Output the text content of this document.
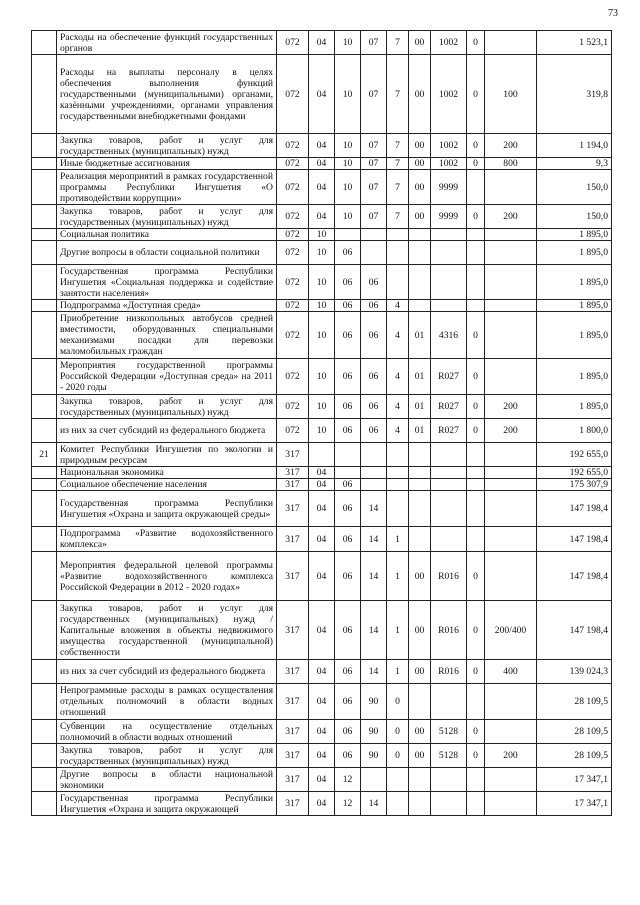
73
	Расходы на обеспечение функций государственных органов	072	04	10	07	7	00	1002	0		1 523,1
	Расходы на выплаты персоналу в целях обеспечения выполнения функций государственными (муниципальными) органами, казёнными учреждениями, органами управления государственными внебюджетными фондами	072	04	10	07	7	00	1002	0	100	319,8
	Закупка товаров, работ и услуг для государственных (муниципальных) нужд	072	04	10	07	7	00	1002	0	200	1 194,0
	Иные бюджетные ассигнования	072	04	10	07	7	00	1002	0	800	9,3
	Реализация мероприятий в рамках государственной программы Республики Ингушетия «О противодействии коррупции»	072	04	10	07	7	00	9999			150,0
	Закупка товаров, работ и услуг для государственных (муниципальных) нужд	072	04	10	07	7	00	9999	0	200	150,0
	Социальная политика	072	10								1 895,0
	Другие вопросы в области социальной политики	072	10	06							1 895,0
	Государственная программа Республики Ингушетия «Социальная поддержка и содействие занятости населения»	072	10	06	06						1 895,0
	Подпрограмма «Доступная среда»	072	10	06	06	4					1 895,0
	Приобретение низкопольных автобусов средней вместимости, оборудованных специальными механизмами посадки для перевозки маломобильных граждан	072	10	06	06	4	01	4316	0		1 895,0
	Мероприятия государственной программы Российской Федерации «Доступная среда» на 2011 - 2020 годы	072	10	06	06	4	01	R027	0		1 895,0
	Закупка товаров, работ и услуг для государственных (муниципальных) нужд	072	10	06	06	4	01	R027	0	200	1 895,0
	из них за счет субсидий из федерального бюджета	072	10	06	06	4	01	R027	0	200	1 800,0
21	Комитет Республики Ингушетия по экологии и природным ресурсам	317									192 655,0
	Национальная экономика	317	04								192 655,0
	Социальное обеспечение населения	317	04	06							175 307,9
	Государственная программа Республики Ингушетия «Охрана и защита окружающей среды»	317	04	06	14						147 198,4
	Подпрограмма «Развитие водохозяйственного комплекса»	317	04	06	14	1					147 198,4
	Мероприятия федеральной целевой программы «Развитие водохозяйственного комплекса Российской Федерации в 2012 - 2020 годах»	317	04	06	14	1	00	R016	0		147 198,4
	Закупка товаров, работ и услуг для государственных (муниципальных) нужд / Капитальные вложения в объекты недвижимого имущества государственной (муниципальной) собственности	317	04	06	14	1	00	R016	0	200/400	147 198,4
	из них за счет субсидий из федерального бюджета	317	04	06	14	1	00	R016	0	400	139 024,3
	Непрограммные расходы в рамках осуществления отдельных полномочий в области водных отношений	317	04	06	90	0					28 109,5
	Субвенции на осуществление отдельных полномочий в области водных отношений	317	04	06	90	0	00	5128	0		28 109,5
	Закупка товаров, работ и услуг для государственных (муниципальных) нужд	317	04	06	90	0	00	5128	0	200	28 109,5
	Другие вопросы в области национальной экономики	317	04	12							17 347,1
	Государственная программа Республики Ингушетия «Охрана и защита окружающей	317	04	12	14						17 347,1
